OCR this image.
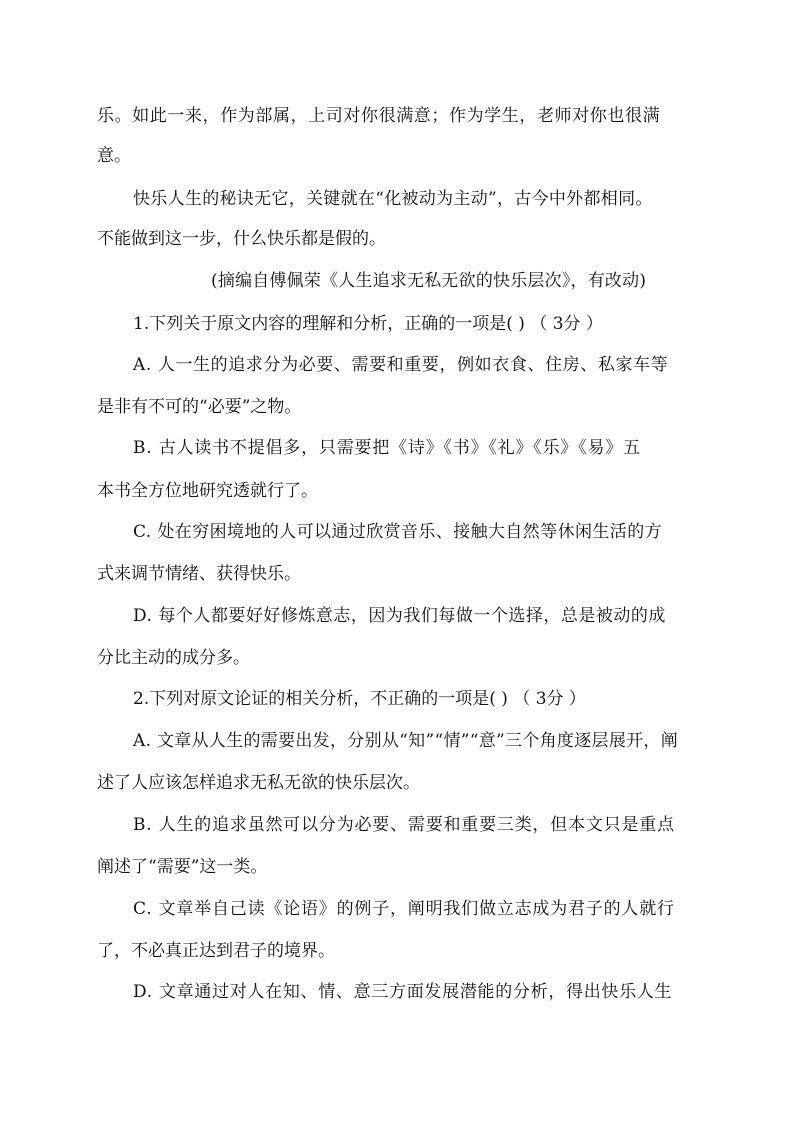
乐。如此一来，作为部属，上司对你很满意；作为学生，老师对你也很满
意。
快乐人生的秘诀无它，关键就在“化被动为主动”，古今中外都相同。
不能做到这一步，什么快乐都是假的。
(摘编自傅佩荣《人生追求无私无欲的快乐层次》，有改动)
1.下列关于原文内容的理解和分析，正确的一项是( ) （ 3分 ）
A. 人一生的追求分为必要、需要和重要，例如衣食、住房、私家车等
是非有不可的“必要”之物。
B. 古人读书不提倡多，只需要把《诗》《书》《礼》《乐》《易》五
本书全方位地研究透就行了。
C. 处在穷困境地的人可以通过欣赏音乐、接触大自然等休闲生活的方
式来调节情绪、获得快乐。
D. 每个人都要好好修炼意志，因为我们每做一个选择，总是被动的成
分比主动的成分多。
2.下列对原文论证的相关分析，不正确的一项是( ) （ 3分 ）
A. 文章从人生的需要出发，分别从“知”“情”“意”三个角度逐层展开，阐
述了人应该怎样追求无私无欲的快乐层次。
B. 人生的追求虽然可以分为必要、需要和重要三类，但本文只是重点
阐述了“需要”这一类。
C. 文章举自己读《论语》的例子，阐明我们做立志成为君子的人就行
了，不必真正达到君子的境界。
D. 文章通过对人在知、情、意三方面发展潜能的分析，得出快乐人生
